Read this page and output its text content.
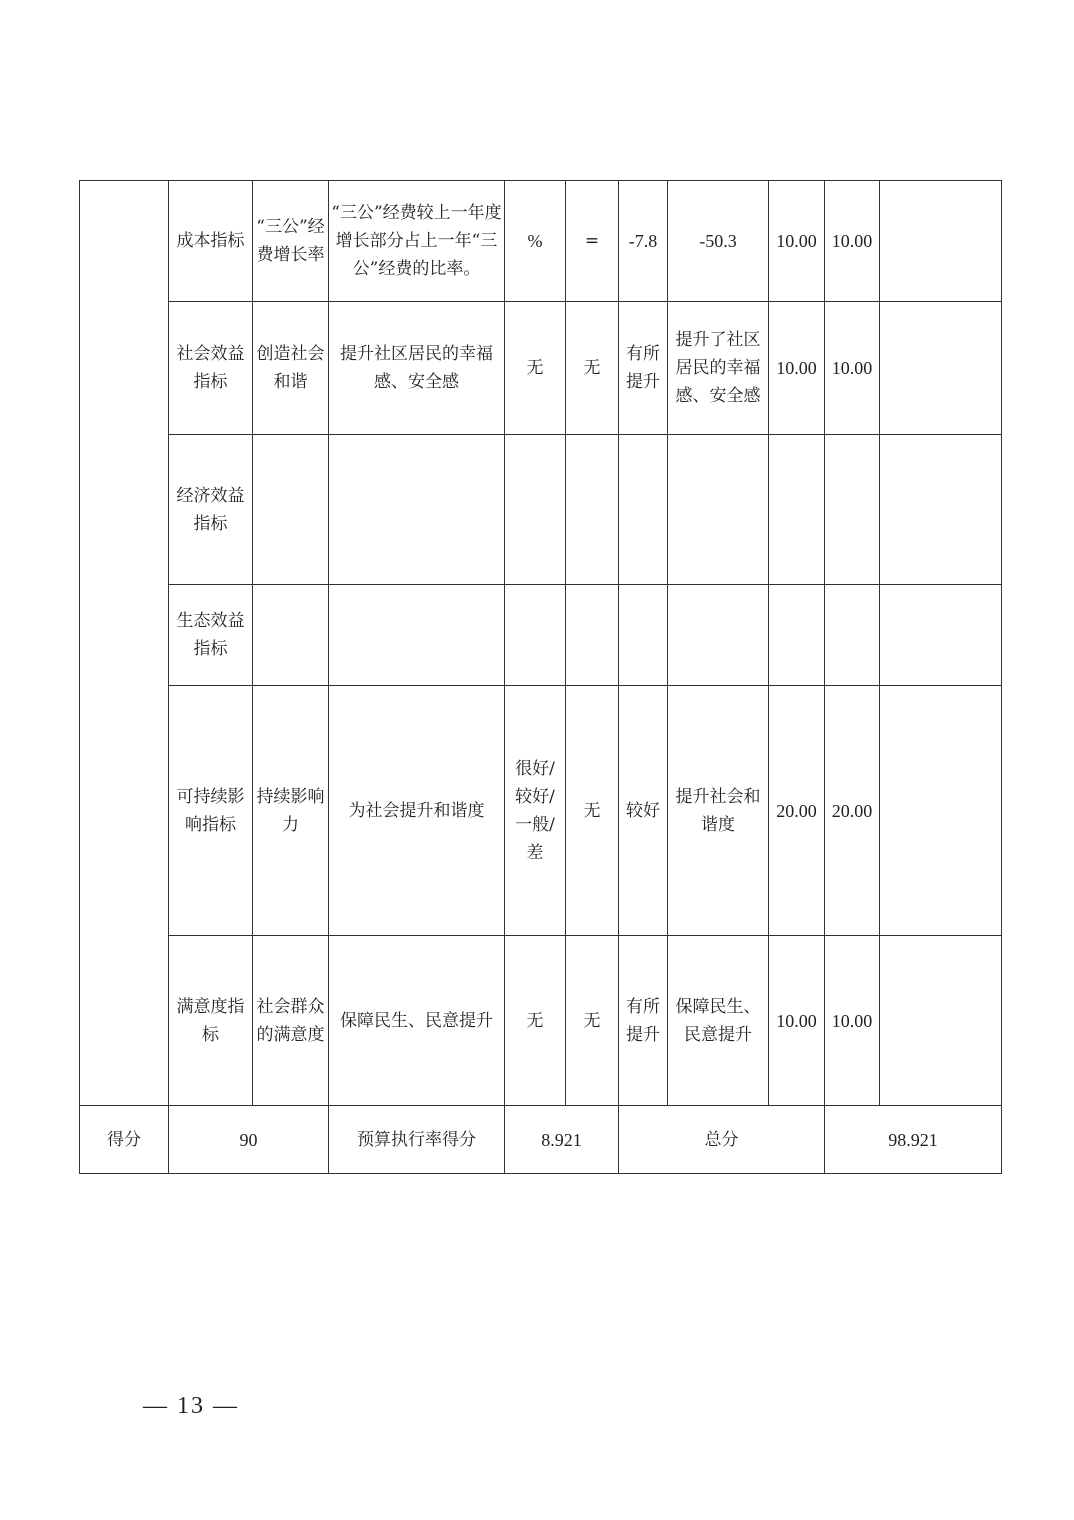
	成本指标	“三公”经费增长率	“三公”经费较上一年度增长部分占上一年“三公”经费的比率。	%	=	-7.8	-50.3	10.00	10.00	
	社会效益指标	创造社会和谐	提升社区居民的幸福感、安全感	无	无	有所提升	提升了社区居民的幸福感、安全感	10.00	10.00	
	经济效益指标									
	生态效益指标									
	可持续影响指标	持续影响力	为社会提升和谐度	很好/较好/一般/差	无	较好	提升社会和谐度	20.00	20.00	
	满意度指标	社会群众的满意度	保障民生、民意提升	无	无	有所提升	保障民生、民意提升	10.00	10.00	
得分	90		预算执行率得分	8.921		总分			98.921	
— 13 —
